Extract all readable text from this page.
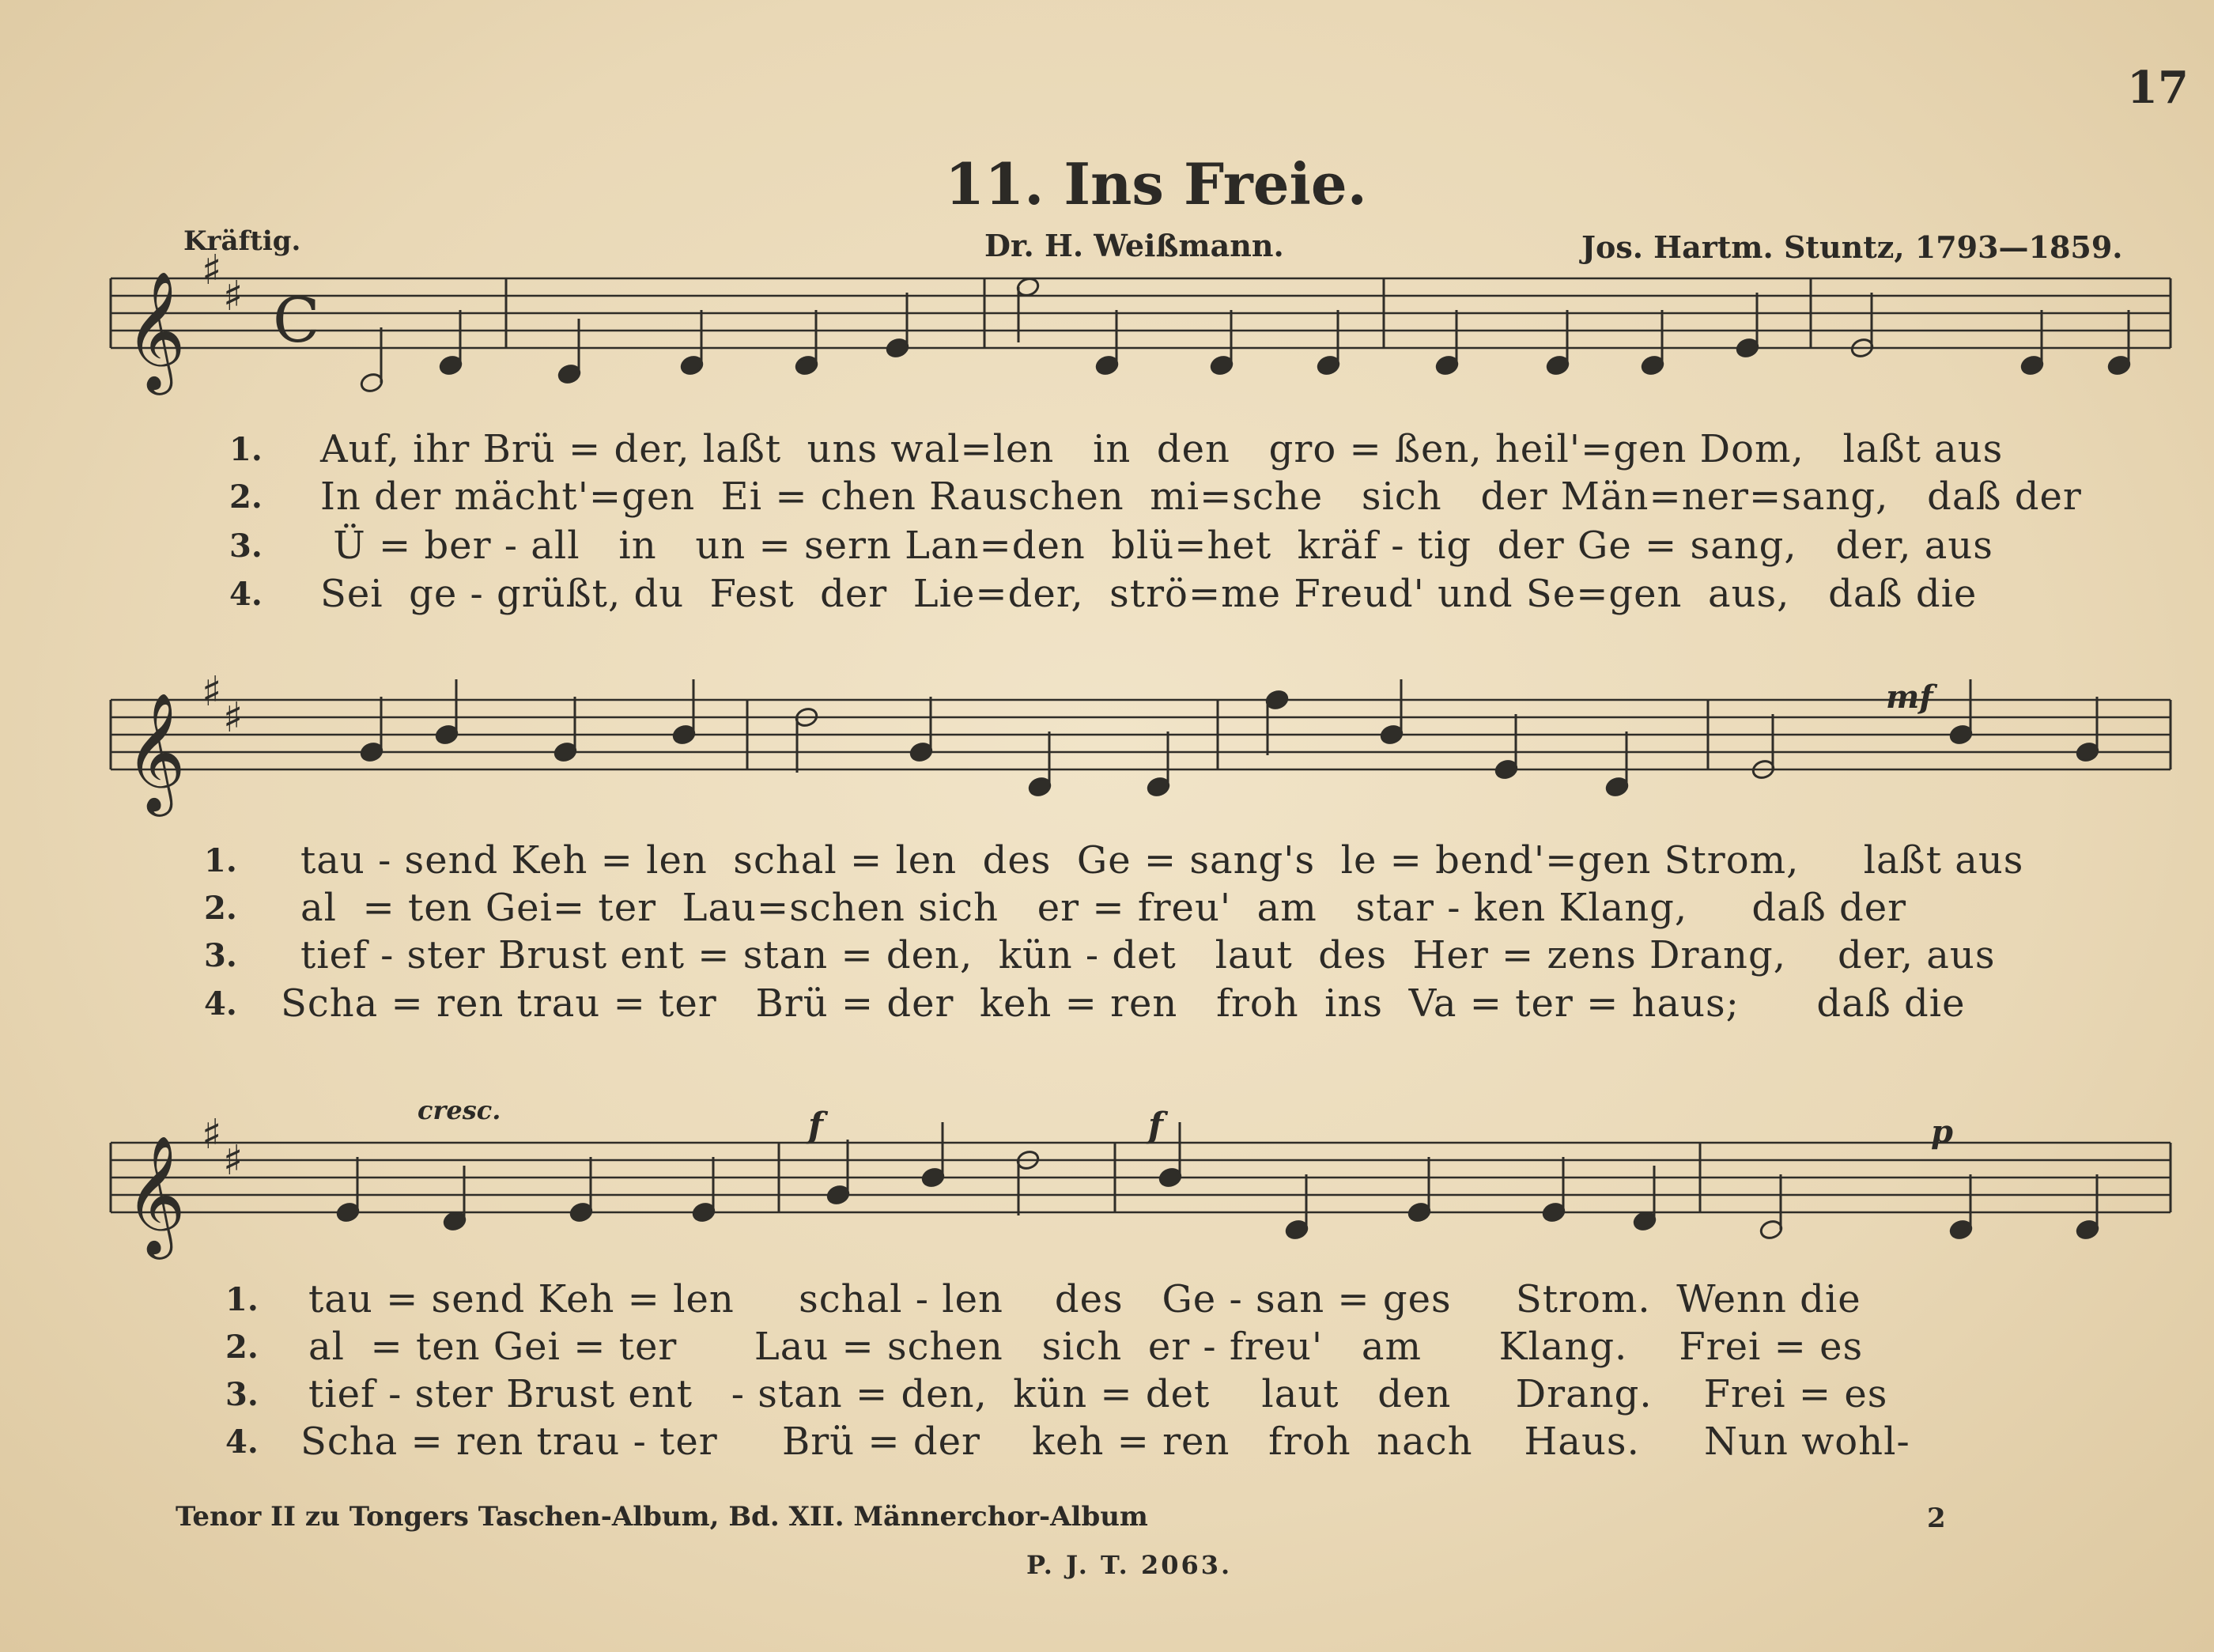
17
11. Ins Freie.
Kräftig.	Dr. H. Weißmann.	Jos. Hartm. Stuntz, 1793—1859.
cresc.
mf
f	f	p
𝄞 ♯
♯ C
𝄞 ♯
♯
𝄞 ♯
♯
1. Auf, ihr Brü = der, laßt  uns wal=len   in  den   gro = ßen, heil'=gen Dom,   laßt aus
2. In der mächt'=gen  Ei = chen Rauschen  mi=sche   sich   der Män=ner=sang,   daß der
3. Ü = ber - all   in   un = sern Lan=den  blü=het  kräf - tig  der Ge = sang,   der, aus
4. Sei  ge - grüßt, du  Fest  der  Lie=der,  strö=me Freud' und Se=gen  aus,   daß die
1. tau - send Keh = len  schal = len  des  Ge = sang's  le = bend'=gen Strom,     laßt aus
2. al  = ten Gei= ter  Lau=schen sich   er = freu'  am   star - ken Klang,     daß der
3. tief - ster Brust ent = stan = den,  kün - det   laut  des  Her = zens Drang,    der, aus
4. Scha = ren trau = ter   Brü = der  keh = ren   froh  ins  Va = ter = haus;      daß die
1. tau = send Keh = len     schal - len    des   Ge - san = ges     Strom.  Wenn die
2. al  = ten Gei = ter      Lau = schen   sich  er - freu'   am      Klang.    Frei = es
3. tief - ster Brust ent   - stan = den,  kün = det    laut   den     Drang.    Frei = es
4. Scha = ren trau - ter     Brü = der    keh = ren   froh  nach    Haus.     Nun wohl-
Tenor II zu Tongers Taschen-Album, Bd. XII. Männerchor-Album	2
P. J. T. 2063.
